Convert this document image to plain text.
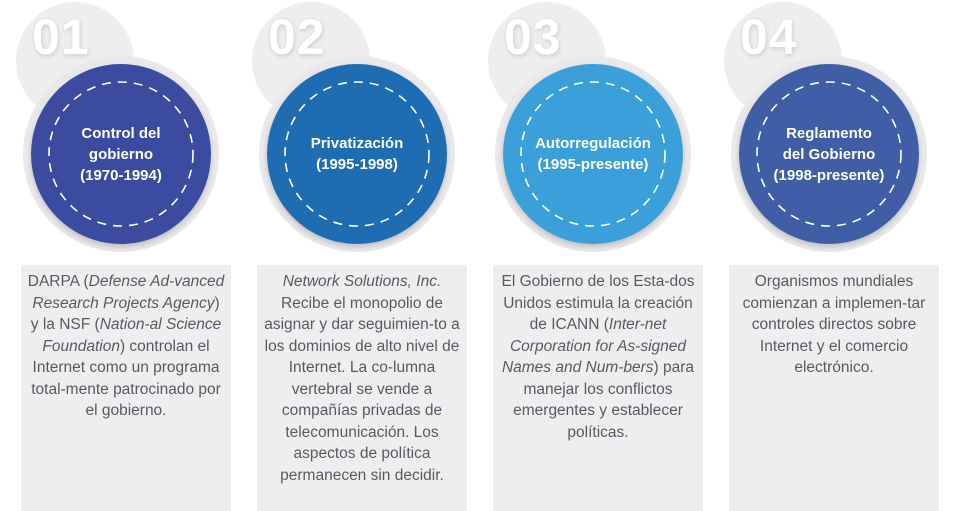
01
Control del
gobierno
(1970-1994)
DARPA (Defense Ad-vanced Research Projects Agency) y la NSF (Nation-al Science Foundation) controlan el Internet como un programa total-mente patrocinado por el gobierno.
02
Privatización
(1995-1998)
Network Solutions, Inc. Recibe el monopolio de asignar y dar seguimien-to a los dominios de alto nivel de Internet. La co-lumna vertebral se vende a compañías privadas de telecomunicación. Los aspectos de política permanecen sin decidir.
03
Autorregulación
(1995-presente)
El Gobierno de los Esta-dos Unidos estimula la creación de ICANN (Inter-net Corporation for As-signed Names and Num-bers) para manejar los conflictos emergentes y establecer políticas.
04
Reglamento
del Gobierno
(1998-presente)
Organismos mundiales comienzan a implemen-tar controles directos sobre Internet y el comercio electrónico.
